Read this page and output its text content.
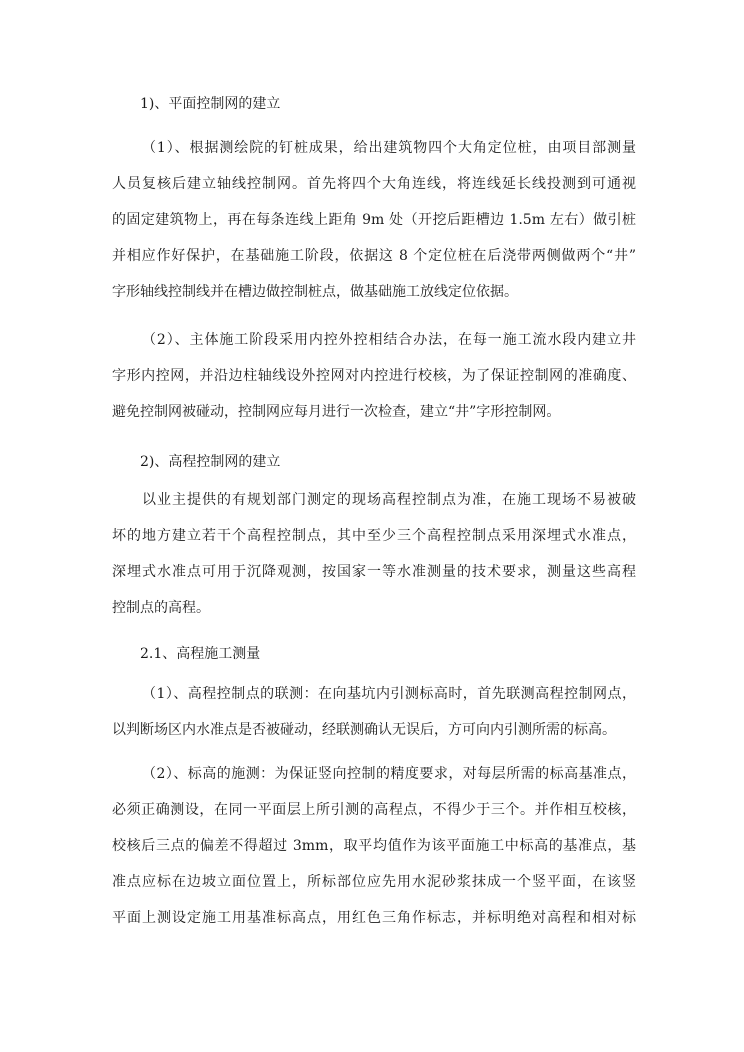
1)、平面控制网的建立
（1）、根据测绘院的钉桩成果，给出建筑物四个大角定位桩，由项目部测量
人员复核后建立轴线控制网。首先将四个大角连线，将连线延长线投测到可通视
的固定建筑物上，再在每条连线上距角 9m 处（开挖后距槽边 1.5m 左右）做引桩
并相应作好保护，在基础施工阶段，依据这 8 个定位桩在后浇带两侧做两个“井”
字形轴线控制线并在槽边做控制桩点，做基础施工放线定位依据。
（2）、主体施工阶段采用内控外控相结合办法，在每一施工流水段内建立井
字形内控网，并沿边柱轴线设外控网对内控进行校核，为了保证控制网的准确度、
避免控制网被碰动，控制网应每月进行一次检查，建立“井”字形控制网。
2)、高程控制网的建立
以业主提供的有规划部门测定的现场高程控制点为准，在施工现场不易被破
坏的地方建立若干个高程控制点，其中至少三个高程控制点采用深埋式水准点，
深埋式水准点可用于沉降观测，按国家一等水准测量的技术要求，测量这些高程
控制点的高程。
2.1、高程施工测量
（1）、高程控制点的联测：在向基坑内引测标高时，首先联测高程控制网点，
以判断场区内水准点是否被碰动，经联测确认无误后，方可向内引测所需的标高。
（2）、标高的施测：为保证竖向控制的精度要求，对每层所需的标高基准点，
必须正确测设，在同一平面层上所引测的高程点，不得少于三个。并作相互校核，
校核后三点的偏差不得超过 3mm，取平均值作为该平面施工中标高的基准点，基
准点应标在边坡立面位置上，所标部位应先用水泥砂浆抹成一个竖平面，在该竖
平面上测设定施工用基准标高点，用红色三角作标志，并标明绝对高程和相对标
